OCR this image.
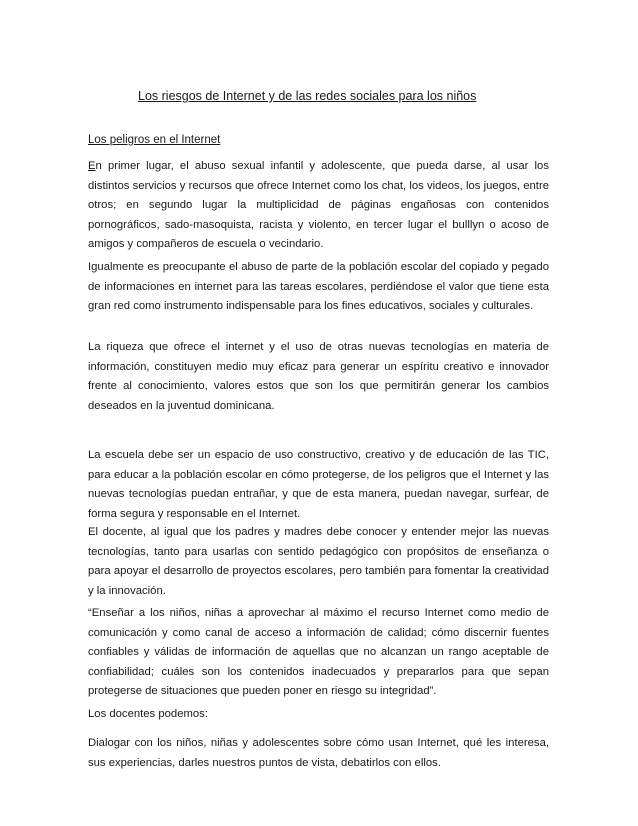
Los riesgos de Internet y de las redes sociales para los niños
Los peligros en el Internet

En primer lugar, el abuso sexual infantil y adolescente, que pueda darse, al usar los distintos servicios y recursos que ofrece Internet como los chat, los videos, los juegos, entre otros; en segundo lugar la multiplicidad de páginas engañosas con contenidos pornográficos, sado-masoquista, racista y violento, en tercer lugar el bulllyn o acoso de amigos y compañeros de escuela o vecindario.

Igualmente es preocupante el abuso de parte de la población escolar del copiado y pegado de informaciones en internet para las tareas escolares, perdiéndose el valor que tiene esta gran red como instrumento indispensable para los fines educativos, sociales y culturales.

La riqueza que ofrece el internet y el uso de otras nuevas tecnologías en materia de información, constituyen medio muy eficaz para generar un espíritu creativo e innovador frente al conocimiento, valores estos que son los que permitirán generar los cambios deseados en la juventud dominicana.

La escuela debe ser un espacio de uso constructivo, creativo y de educación de las TIC, para educar a la población escolar en cómo protegerse, de los peligros que el Internet y las nuevas tecnologías puedan entrañar, y que de esta manera, puedan navegar, surfear, de forma segura y responsable en el Internet.

El docente, al igual que los padres y madres debe conocer y entender mejor las nuevas tecnologías, tanto para usarlas con sentido pedagógico con propósitos de enseñanza o para apoyar el desarrollo de proyectos escolares, pero también para fomentar la creatividad y la innovación.

“Enseñar a los niños, niñas a aprovechar al máximo el recurso Internet como medio de comunicación y como canal de acceso a información de calidad; cómo discernir fuentes confiables y válidas de información de aquellas que no alcanzan un rango aceptable de confiabilidad; cuáles son los contenidos inadecuados y prepararlos para que sepan protegerse de situaciones que pueden poner en riesgo su integridad”.

Los docentes podemos:

Dialogar con los niños, niñas y adolescentes sobre cómo usan Internet, qué les interesa, sus experiencias, darles nuestros puntos de vista, debatirlos con ellos.
